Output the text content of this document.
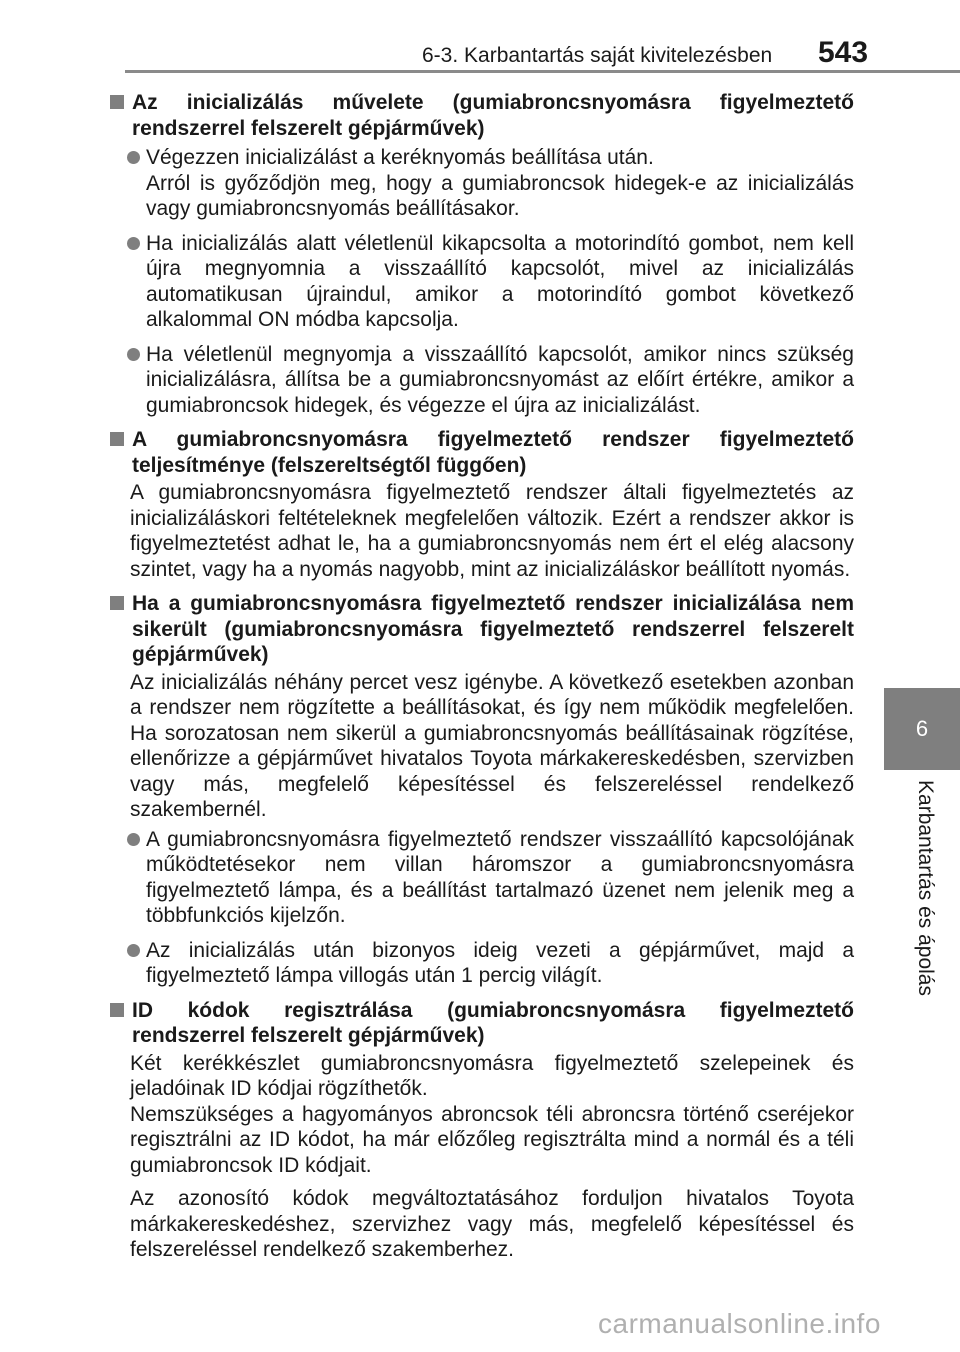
6-3. Karbantartás saját kivitelezésben 543
6
Karbantartás és ápolás
Az inicializálás művelete (gumiabroncsnyomásra figyelmeztető rendszerrel felszerelt gépjárművek)
Végezzen inicializálást a keréknyomás beállítása után.
Arról is győződjön meg, hogy a gumiabroncsok hidegek-e az inicializálás vagy gumiabroncsnyomás beállításakor.
Ha inicializálás alatt véletlenül kikapcsolta a motorindító gombot, nem kell újra megnyomnia a visszaállító kapcsolót, mivel az inicializálás automatikusan újraindul, amikor a motorindító gombot következő alkalommal ON módba kapcsolja.
Ha véletlenül megnyomja a visszaállító kapcsolót, amikor nincs szükség inicializálásra, állítsa be a gumiabroncsnyomást az előírt értékre, amikor a gumiabroncsok hidegek, és végezze el újra az inicializálást.
A gumiabroncsnyomásra figyelmeztető rendszer figyelmeztető teljesítménye (felszereltségtől függően)
A gumiabroncsnyomásra figyelmeztető rendszer általi figyelmeztetés az inicializáláskori feltételeknek megfelelően változik. Ezért a rendszer akkor is figyelmeztetést adhat le, ha a gumiabroncsnyomás nem ért el elég alacsony szintet, vagy ha a nyomás nagyobb, mint az inicializáláskor beállított nyomás.
Ha a gumiabroncsnyomásra figyelmeztető rendszer inicializálása nem sikerült (gumiabroncsnyomásra figyelmeztető rendszerrel felszerelt gépjárművek)
Az inicializálás néhány percet vesz igénybe. A következő esetekben azonban a rendszer nem rögzítette a beállításokat, és így nem működik megfelelően. Ha sorozatosan nem sikerül a gumiabroncsnyomás beállításainak rögzítése, ellenőrizze a gépjárművet hivatalos Toyota márkakereskedésben, szervizben vagy más, megfelelő képesítéssel és felszereléssel rendelkező szakembernél.
A gumiabroncsnyomásra figyelmeztető rendszer visszaállító kapcsolójának működtetésekor nem villan háromszor a gumiabroncsnyomásra figyelmeztető lámpa, és a beállítást tartalmazó üzenet nem jelenik meg a többfunkciós kijelzőn.
Az inicializálás után bizonyos ideig vezeti a gépjárművet, majd a figyelmeztető lámpa villogás után 1 percig világít.
ID kódok regisztrálása (gumiabroncsnyomásra figyelmeztető rendszerrel felszerelt gépjárművek)
Két kerékkészlet gumiabroncsnyomásra figyelmeztető szelepeinek és jeladóinak ID kódjai rögzíthetők.
Nemszükséges a hagyományos abroncsok téli abroncsra történő cseréjekor regisztrálni az ID kódot, ha már előzőleg regisztrálta mind a normál és a téli gumiabroncsok ID kódjait.
Az azonosító kódok megváltoztatásához forduljon hivatalos Toyota márkakereskedéshez, szervizhez vagy más, megfelelő képesítéssel és felszereléssel rendelkező szakemberhez.
carmanualsonline.info
